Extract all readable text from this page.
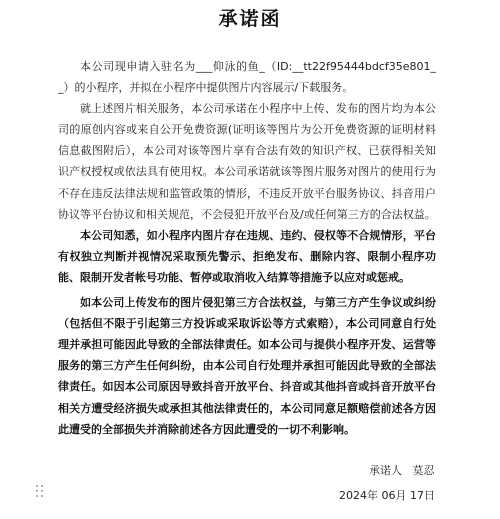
承诺函

本公司现申请入驻名为___仰泳的鱼_（ID:__tt22f95444bdcf35e801__）的小程序，并拟在小程序中提供图片内容展示/下载服务。

就上述图片相关服务，本公司承诺在小程序中上传、发布的图片均为本公司的原创内容或来自公开免费资源(证明该等图片为公开免费资源的证明材料信息截图附后），本公司对该等图片享有合法有效的知识产权、已获得相关知识产权授权或依法具有使用权。本公司承诺就该等图片服务对图片的使用行为不存在违反法律法规和监管政策的情形，不违反开放平台服务协议、抖音用户协议等平台协议和相关规范，不会侵犯开放平台及/或任何第三方的合法权益。

本公司知悉，如小程序内图片存在违规、违约、侵权等不合规情形，平台有权独立判断并视情况采取预先警示、拒绝发布、删除内容、限制小程序功能、限制开发者帐号功能、暂停或取消收入结算等措施予以应对或惩戒。

如本公司上传发布的图片侵犯第三方合法权益，与第三方产生争议或纠纷（包括但不限于引起第三方投诉或采取诉讼等方式索赔），本公司同意自行处理并承担可能因此导致的全部法律责任。如本公司与提供小程序开发、运营等服务的第三方产生任何纠纷，由本公司自行处理并承担可能因此导致的全部法律责任。如因本公司原因导致抖音开放平台、抖音或其他抖音或抖音开放平台相关方遭受经济损失或承担其他法律责任的，本公司同意足额赔偿前述各方因此遭受的全部损失并消除前述各方因此遭受的一切不利影响。

承诺人 莫忍
2024年 06月 17日
